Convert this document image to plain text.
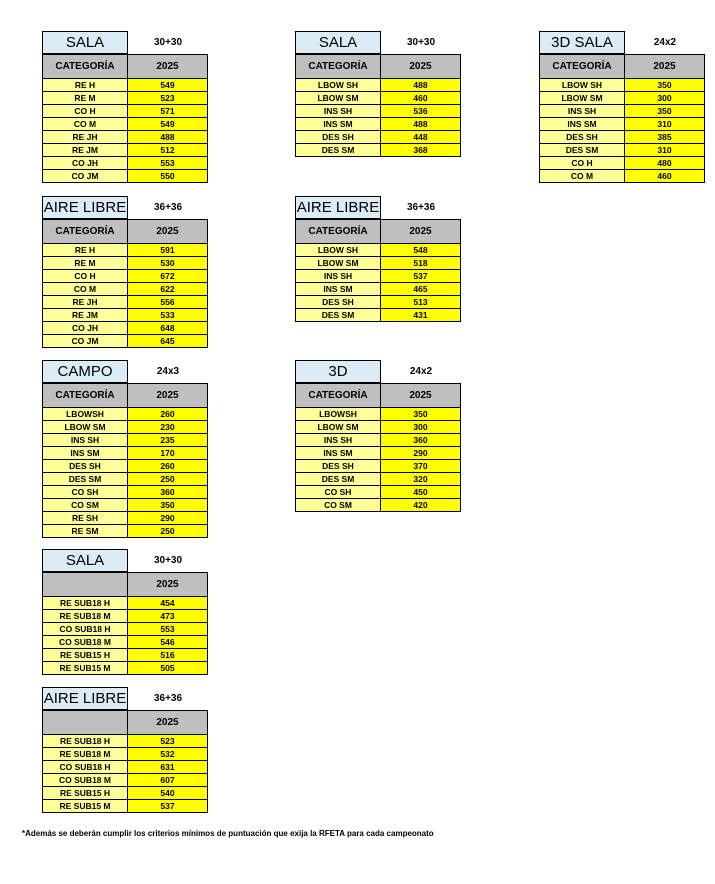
SALA	30+30
CATEGORÍA	2025
RE H	549
RE M	523
CO H	571
CO M	549
RE JH	488
RE JM	512
CO JH	553
CO JM	550
SALA	30+30
CATEGORÍA	2025
LBOW SH	488
LBOW SM	460
INS SH	536
INS SM	488
DES SH	448
DES SM	368
3D SALA	24x2
CATEGORÍA	2025
LBOW SH	350
LBOW SM	300
INS SH	350
INS SM	310
DES SH	385
DES SM	310
CO H	480
CO M	460
AIRE LIBRE	36+36
CATEGORÍA	2025
RE H	591
RE M	530
CO H	672
CO M	622
RE JH	556
RE JM	533
CO JH	648
CO JM	645
AIRE LIBRE	36+36
CATEGORÍA	2025
LBOW SH	548
LBOW SM	518
INS SH	537
INS SM	465
DES SH	513
DES SM	431
CAMPO	24x3
CATEGORÍA	2025
LBOWSH	260
LBOW SM	230
INS SH	235
INS SM	170
DES SH	260
DES SM	250
CO SH	360
CO SM	350
RE SH	290
RE SM	250
3D	24x2
CATEGORÍA	2025
LBOWSH	350
LBOW SM	300
INS SH	360
INS SM	290
DES SH	370
DES SM	320
CO SH	450
CO SM	420
SALA	30+30
2025
RE SUB18 H	454
RE SUB18 M	473
CO SUB18 H	553
CO SUB18 M	546
RE SUB15 H	516
RE SUB15 M	505
AIRE LIBRE	36+36
2025
RE SUB18 H	523
RE SUB18 M	532
CO SUB18 H	631
CO SUB18 M	607
RE SUB15 H	540
RE SUB15 M	537
*Además se deberán cumplir los criterios mínimos de puntuación que exija la RFETA para cada campeonato
